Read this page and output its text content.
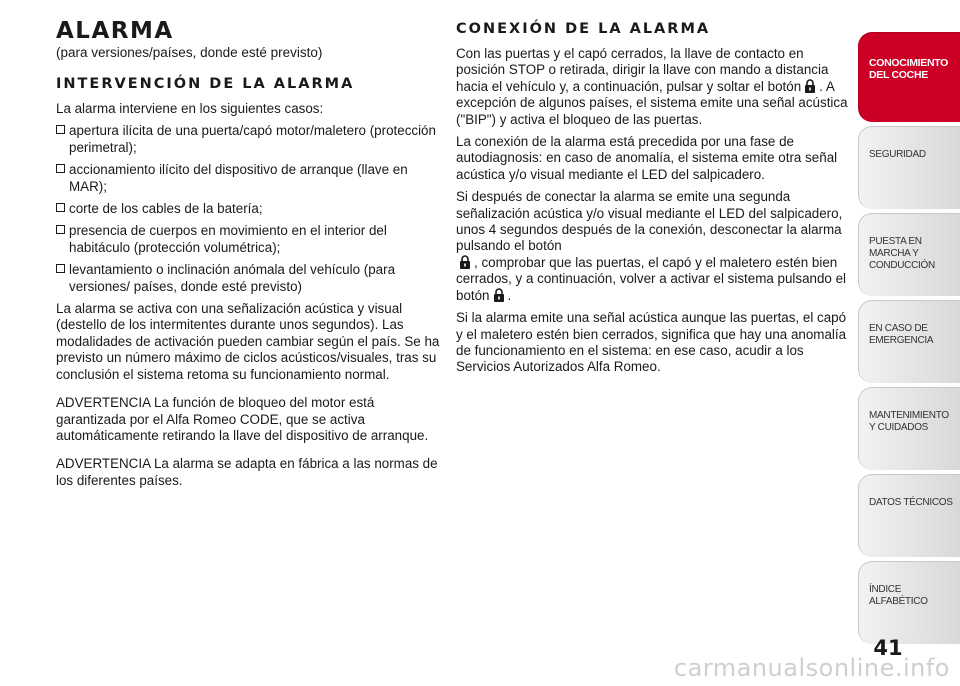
ALARMA
(para versiones/países, donde esté previsto)
INTERVENCIÓN DE LA ALARMA

La alarma interviene en los siguientes casos:

apertura ilícita de una puerta/capó motor/maletero (protección perimetral);
accionamiento ilícito del dispositivo de arranque (llave en MAR);
corte de los cables de la batería;
presencia de cuerpos en movimiento en el interior del habitáculo (protección volumétrica);
levantamiento o inclinación anómala del vehículo (para versiones/ países, donde esté previsto)

La alarma se activa con una señalización acústica y visual (destello de los intermitentes durante unos segundos). Las modalidades de activación pueden cambiar según el país. Se ha previsto un número máximo de ciclos acústicos/visuales, tras su conclusión el sistema retoma su funcionamiento normal.

ADVERTENCIA La función de bloqueo del motor está garantizada por el Alfa Romeo CODE, que se activa automáticamente retirando la llave del dispositivo de arranque.

ADVERTENCIA La alarma se adapta en fábrica a las normas de los diferentes países.

CONEXIÓN DE LA ALARMA

Con las puertas y el capó cerrados, la llave de contacto en posición STOP o retirada, dirigir la llave con mando a distancia hacia el vehículo y, a continuación, pulsar y soltar el botón . A excepción de algunos países, el sistema emite una señal acústica ("BIP") y activa el bloqueo de las puertas.

La conexión de la alarma está precedida por una fase de autodiagnosis: en caso de anomalía, el sistema emite otra señal acústica y/o visual mediante el LED del salpicadero.

Si después de conectar la alarma se emite una segunda señalización acústica y/o visual mediante el LED del salpicadero, unos 4 segundos después de la conexión, desconectar la alarma pulsando el botón
, comprobar que las puertas, el capó y el maletero estén bien cerrados, y a continuación, volver a activar el sistema pulsando el botón .

Si la alarma emite una señal acústica aunque las puertas, el capó y el maletero estén bien cerrados, significa que hay una anomalía de funcionamiento en el sistema: en ese caso, acudir a los Servicios Autorizados Alfa Romeo.

CONOCIMIENTO DEL COCHE
SEGURIDAD
PUESTA EN MARCHA Y CONDUCCIÓN
EN CASO DE EMERGENCIA
MANTENIMIENTO Y CUIDADOS
DATOS TÉCNICOS
ÍNDICE ALFABÉTICO
41
carmanualsonline.info
